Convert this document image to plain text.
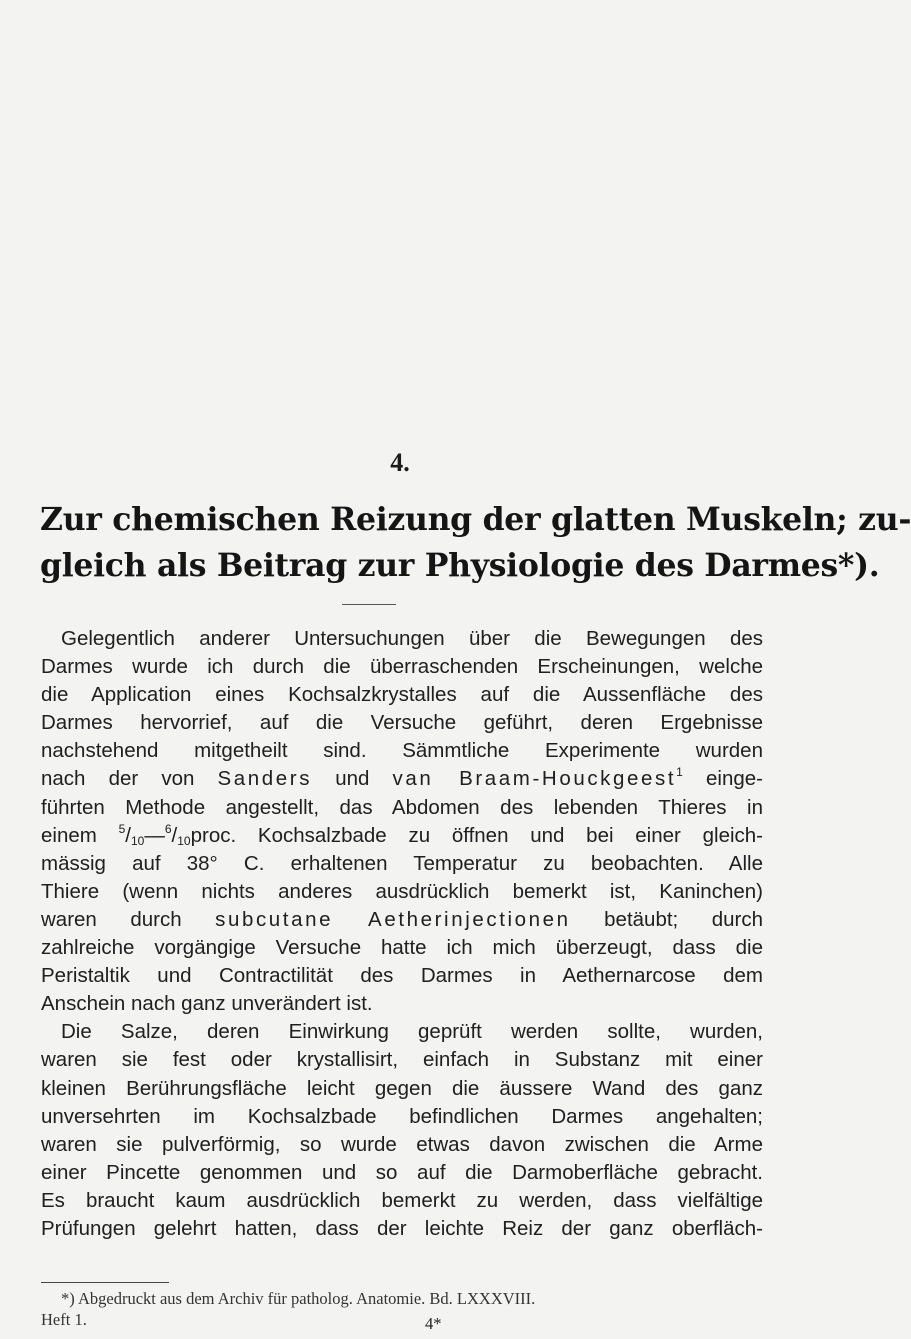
4.
Zur chemischen Reizung der glatten Muskeln; zu-
gleich als Beitrag zur Physiologie des Darmes*).
Gelegentlich anderer Untersuchungen über die Bewegungen des
Darmes wurde ich durch die überraschenden Erscheinungen, welche
die Application eines Kochsalzkrystalles auf die Aussenfläche des
Darmes hervorrief, auf die Versuche geführt, deren Ergebnisse
nachstehend mitgetheilt sind. Sämmtliche Experimente wurden
nach der von Sanders und van Braam-Houckgeest$^1$ einge-
führten Methode angestellt, das Abdomen des lebenden Thieres in
einem $^5/_{10}—^6/_{10}proc$. Kochsalzbade zu öffnen und bei einer gleich-
mässig auf 38° C. erhaltenen Temperatur zu beobachten. Alle
Thiere (wenn nichts anderes ausdrücklich bemerkt ist, Kaninchen)
waren durch subcutane Aetherinjectionen betäubt; durch
zahlreiche vorgängige Versuche hatte ich mich überzeugt, dass die
Peristaltik und Contractilität des Darmes in Aethernarcose dem
Anschein nach ganz unverändert ist.
Die Salze, deren Einwirkung geprüft werden sollte, wurden,
waren sie fest oder krystallisirt, einfach in Substanz mit einer
kleinen Berührungsfläche leicht gegen die äussere Wand des ganz
unversehrten im Kochsalzbade befindlichen Darmes angehalten;
waren sie pulverförmig, so wurde etwas davon zwischen die Arme
einer Pincette genommen und so auf die Darmoberfläche gebracht.
Es braucht kaum ausdrücklich bemerkt zu werden, dass vielfältige
Prüfungen gelehrt hatten, dass der leichte Reiz der ganz oberfläch-
*) Abgedruckt aus dem Archiv für patholog. Anatomie. Bd. LXXXVIII.
Heft 1.	4*
